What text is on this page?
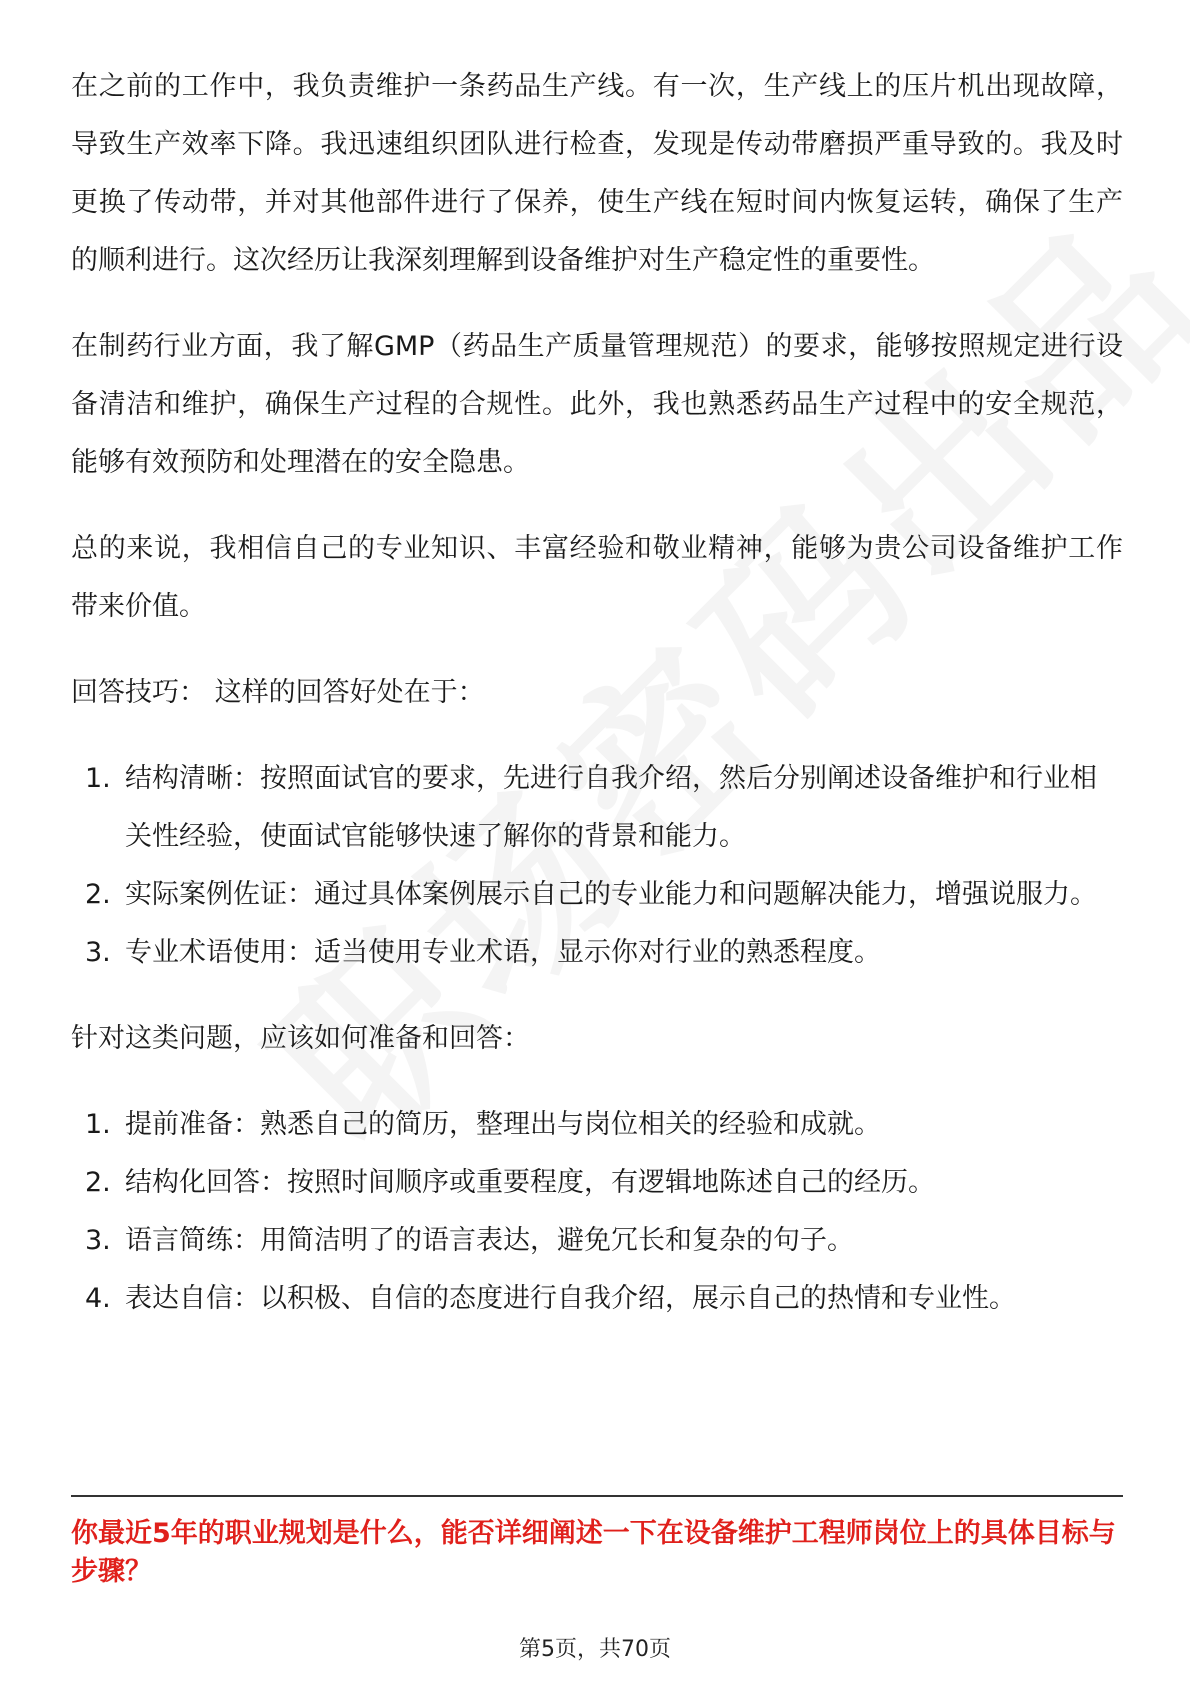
在之前的工作中，我负责维护一条药品生产线。有一次，生产线上的压片机出现故障，导致生产效率下降。我迅速组织团队进行检查，发现是传动带磨损严重导致的。我及时更换了传动带，并对其他部件进行了保养，使生产线在短时间内恢复运转，确保了生产的顺利进行。这次经历让我深刻理解到设备维护对生产稳定性的重要性。

在制药行业方面，我了解GMP（药品生产质量管理规范）的要求，能够按照规定进行设备清洁和维护，确保生产过程的合规性。此外，我也熟悉药品生产过程中的安全规范，能够有效预防和处理潜在的安全隐患。

总的来说，我相信自己的专业知识、丰富经验和敬业精神，能够为贵公司设备维护工作带来价值。

回答技巧： 这样的回答好处在于：
1. 结构清晰：按照面试官的要求，先进行自我介绍，然后分别阐述设备维护和行业相关性经验，使面试官能够快速了解你的背景和能力。
2. 实际案例佐证：通过具体案例展示自己的专业能力和问题解决能力，增强说服力。
3. 专业术语使用：适当使用专业术语，显示你对行业的熟悉程度。
针对这类问题，应该如何准备和回答：
1. 提前准备：熟悉自己的简历，整理出与岗位相关的经验和成就。
2. 结构化回答：按照时间顺序或重要程度，有逻辑地陈述自己的经历。
3. 语言简练：用简洁明了的语言表达，避免冗长和复杂的句子。
4. 表达自信：以积极、自信的态度进行自我介绍，展示自己的热情和专业性。
你最近5年的职业规划是什么，能否详细阐述一下在设备维护工程师岗位上的具体目标与步骤？
第5页，共70页
